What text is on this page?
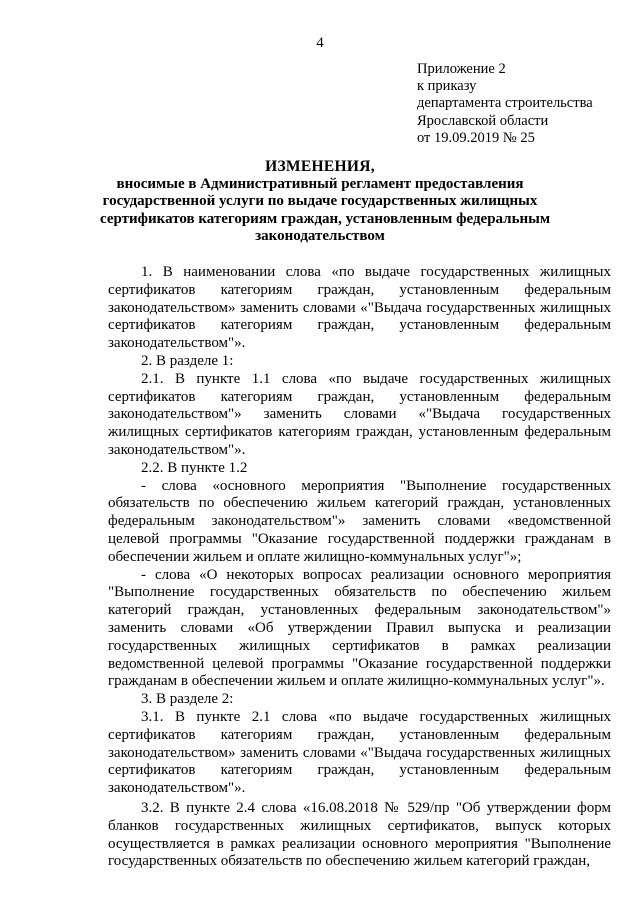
4
Приложение 2
к приказу
департамента строительства
Ярославской области
от 19.09.2019 № 25
ИЗМЕНЕНИЯ,
вносимые в Административный регламент предоставления
государственной услуги по выдаче государственных жилищных
сертификатов категориям граждан, установленным федеральным
законодательством

1. В наименовании слова «по выдаче государственных жилищных сертификатов категориям граждан, установленным федеральным законодательством» заменить словами «"Выдача государственных жилищных сертификатов категориям граждан, установленным федеральным законодательством"».

2. В разделе 1:

2.1. В пункте 1.1 слова «по выдаче государственных жилищных сертификатов категориям граждан, установленным федеральным законодательством"» заменить словами «"Выдача государственных жилищных сертификатов категориям граждан, установленным федеральным законодательством"».

2.2. В пункте 1.2

- слова «основного мероприятия "Выполнение государственных обязательств по обеспечению жильем категорий граждан, установленных федеральным законодательством"» заменить словами «ведомственной целевой программы "Оказание государственной поддержки гражданам в обеспечении жильем и оплате жилищно-коммунальных услуг"»;

- слова «О некоторых вопросах реализации основного мероприятия "Выполнение государственных обязательств по обеспечению жильем категорий граждан, установленных федеральным законодательством"» заменить словами «Об утверждении Правил выпуска и реализации государственных жилищных сертификатов в рамках реализации ведомственной целевой программы "Оказание государственной поддержки гражданам в обеспечении жильем и оплате жилищно-коммунальных услуг"».

3. В разделе 2:

3.1. В пункте 2.1 слова «по выдаче государственных жилищных сертификатов категориям граждан, установленным федеральным законодательством» заменить словами «"Выдача государственных жилищных сертификатов категориям граждан, установленным федеральным законодательством"».

3.2. В пункте 2.4 слова «16.08.2018 № 529/пр "Об утверждении форм бланков государственных жилищных сертификатов, выпуск которых осуществляется в рамках реализации основного мероприятия "Выполнение государственных обязательств по обеспечению жильем категорий граждан,
